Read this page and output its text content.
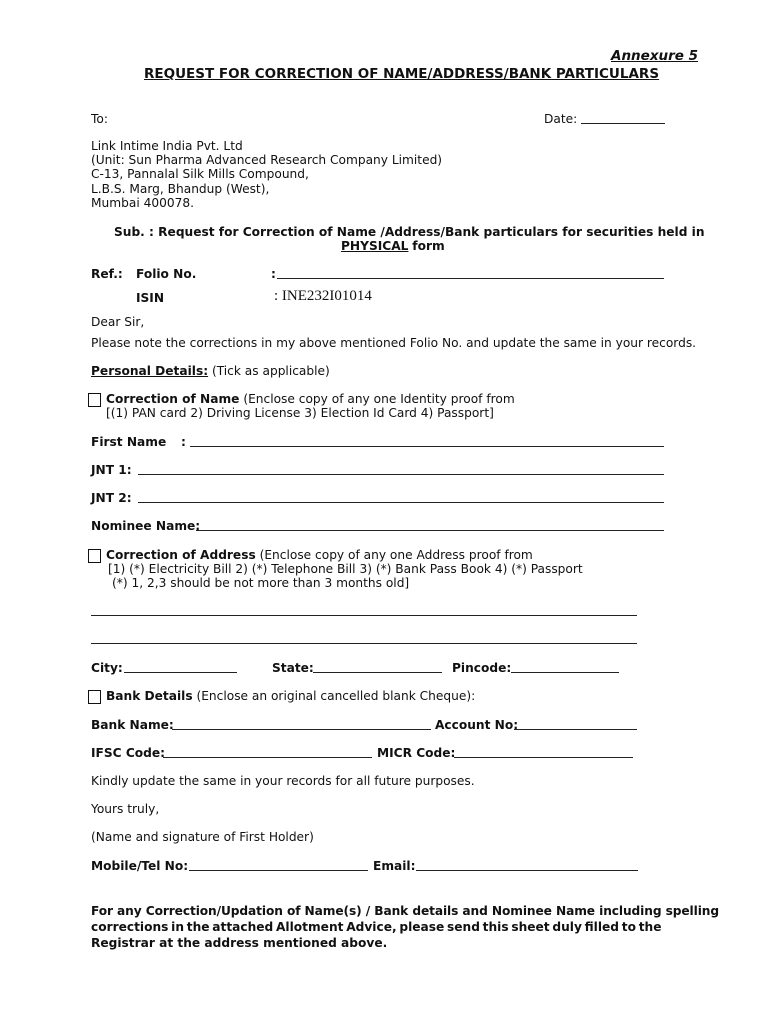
Annexure 5
REQUEST FOR CORRECTION OF NAME/ADDRESS/BANK PARTICULARS
To:	Date:
Link Intime India Pvt. Ltd
(Unit: Sun Pharma Advanced Research Company Limited)
C-13, Pannalal Silk Mills Compound,
L.B.S. Marg, Bhandup (West),
Mumbai 400078.
Sub. : Request for Correction of Name /Address/Bank particulars for securities held in
PHYSICAL form
Ref.: Folio No.	:
ISIN	: INE232I01014
Dear Sir,
Please note the corrections in my above mentioned Folio No. and update the same in your records.
Personal Details: (Tick as applicable)
Correction of Name (Enclose copy of any one Identity proof from
[(1) PAN card 2) Driving License 3) Election Id Card 4) Passport]
First Name :
JNT 1:
JNT 2:
Nominee Name:
Correction of Address (Enclose copy of any one Address proof from
[1) (*) Electricity Bill 2) (*) Telephone Bill 3) (*) Bank Pass Book 4) (*) Passport
(*) 1, 2,3 should be not more than 3 months old]
City:	State:	Pincode:
Bank Details (Enclose an original cancelled blank Cheque):
Bank Name:	Account No:
IFSC Code:	MICR Code:
Kindly update the same in your records for all future purposes.
Yours truly,
(Name and signature of First Holder)
Mobile/Tel No:	Email:
For any Correction/Updation of Name(s) / Bank details and Nominee Name including spelling
corrections in the attached Allotment Advice, please send this sheet duly filled to the
Registrar at the address mentioned above.
